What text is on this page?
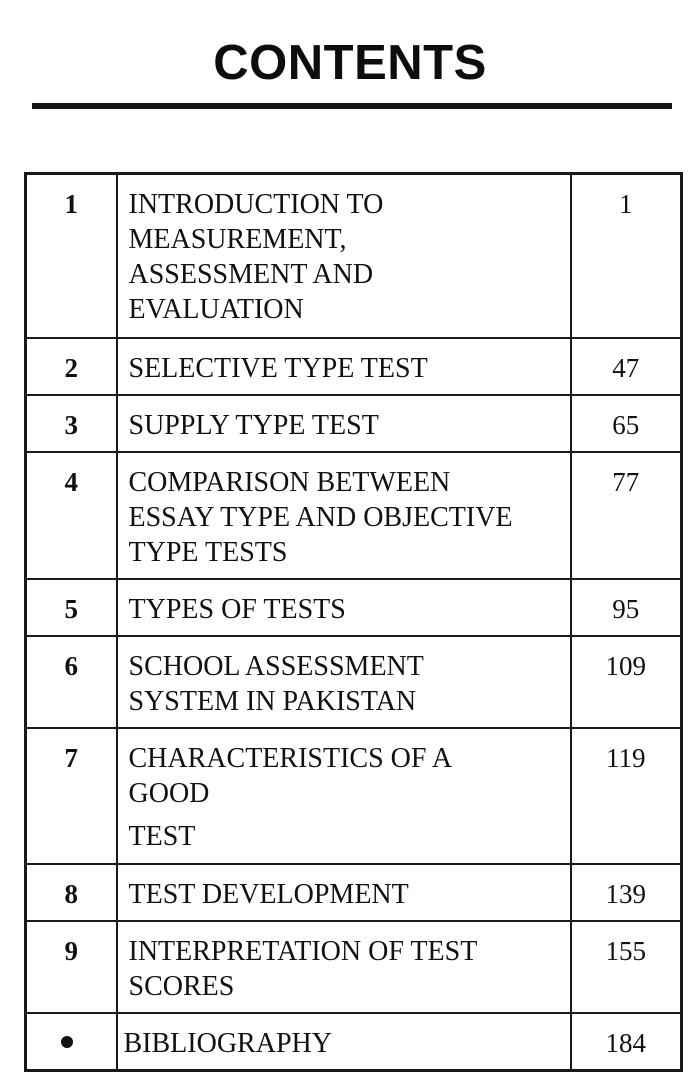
CONTENTS
1	INTRODUCTION TO
MEASUREMENT,
ASSESSMENT AND
EVALUATION	1
2	SELECTIVE TYPE TEST	47
3	SUPPLY TYPE TEST	65
4	COMPARISON BETWEEN
ESSAY TYPE AND OBJECTIVE
TYPE TESTS	77
5	TYPES OF TESTS	95
6	SCHOOL ASSESSMENT
SYSTEM IN PAKISTAN	109
7	CHARACTERISTICS OF A
GOOD
TEST	119
8	TEST DEVELOPMENT	139
9	INTERPRETATION OF TEST
SCORES	155

	BIBLIOGRAPHY	184
